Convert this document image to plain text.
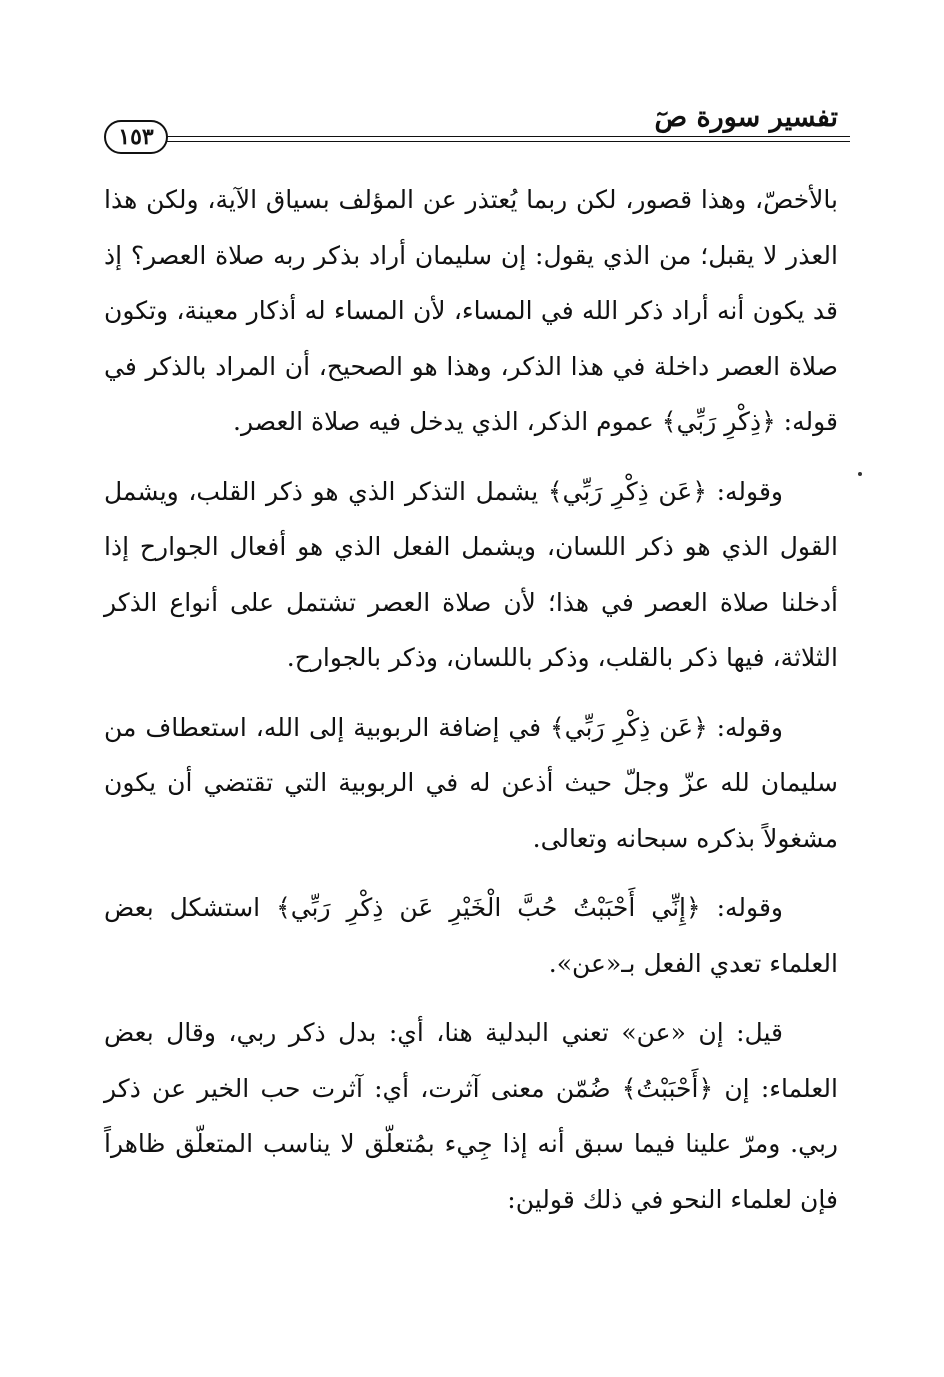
تفسير سورة صٓ
١٥٣

بالأخصّ، وهذا قصور، لكن ربما يُعتذر عن المؤلف بسياق الآية، ولكن هذا العذر لا يقبل؛ من الذي يقول: إن سليمان أراد بذكر ربه صلاة العصر؟ إذ قد يكون أنه أراد ذكر الله في المساء، لأن المساء له أذكار معينة، وتكون صلاة العصر داخلة في هذا الذكر، وهذا هو الصحيح، أن المراد بالذكر في قوله: ﴿ذِكْرِ رَبِّي﴾ عموم الذكر، الذي يدخل فيه صلاة العصر.

وقوله: ﴿عَن ذِكْرِ رَبِّي﴾ يشمل التذكر الذي هو ذكر القلب، ويشمل القول الذي هو ذكر اللسان، ويشمل الفعل الذي هو أفعال الجوارح إذا أدخلنا صلاة العصر في هذا؛ لأن صلاة العصر تشتمل على أنواع الذكر الثلاثة، فيها ذكر بالقلب، وذكر باللسان، وذكر بالجوارح.

وقوله: ﴿عَن ذِكْرِ رَبِّي﴾ في إضافة الربوبية إلى الله، استعطاف من سليمان لله عزّ وجلّ حيث أذعن له في الربوبية التي تقتضي أن يكون مشغولاً بذكره سبحانه وتعالى.

وقوله: ﴿إِنِّي أَحْبَبْتُ حُبَّ الْخَيْرِ عَن ذِكْرِ رَبِّي﴾ استشكل بعض العلماء تعدي الفعل بـ«عن».

قيل: إن «عن» تعني البدلية هنا، أي: بدل ذكر ربي، وقال بعض العلماء: إن ﴿أَحْبَبْتُ﴾ ضُمّن معنى آثرت، أي: آثرت حب الخير عن ذكر ربي. ومرّ علينا فيما سبق أنه إذا جِيء بمُتعلّق لا يناسب المتعلّق ظاهراً فإن لعلماء النحو في ذلك قولين:
